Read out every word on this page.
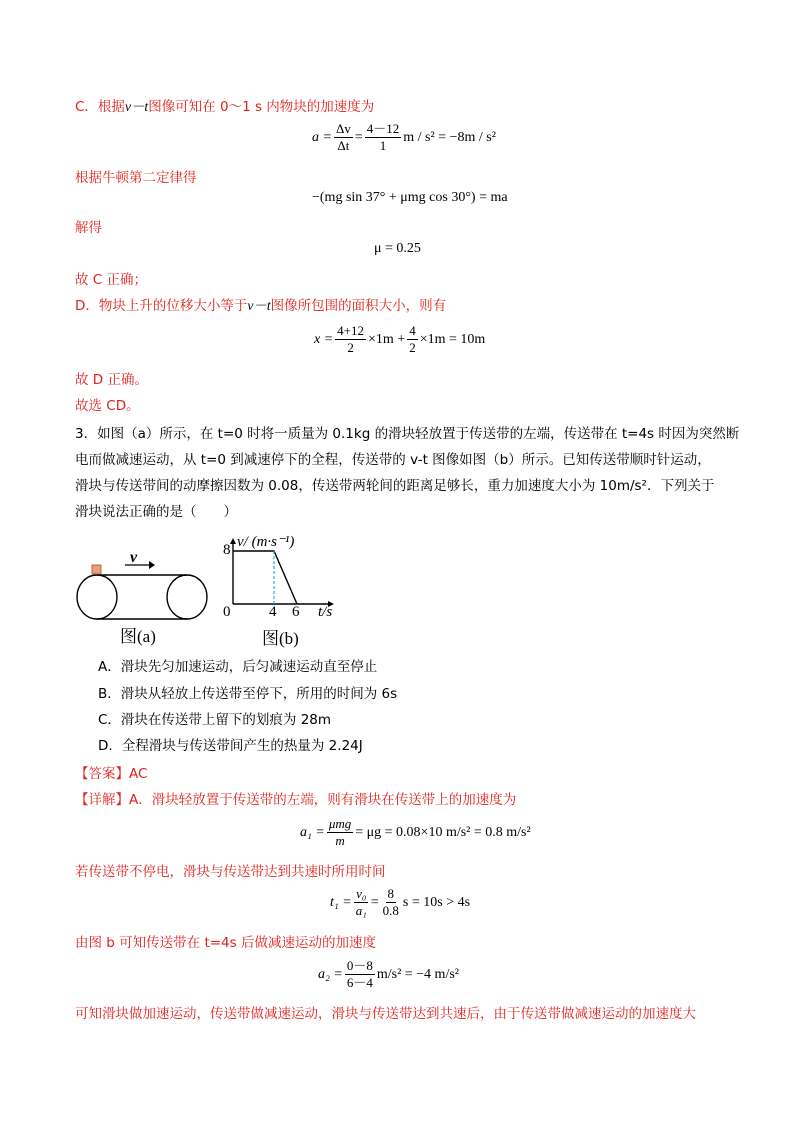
C．根据v－t图像可知在 0～1 s 内物块的加速度为
$a = \frac{\Delta v}{\Delta t} = \frac{4-12}{1}$ m / s² = −8m / s²
根据牛顿第二定律得
−(mg sin 37° + μmg cos 30°) = ma
解得
μ = 0.25
故 C 正确；
D．物块上升的位移大小等于v－t图像所包围的面积大小，则有
$x = \frac{4+12}{2} \times 1m + \frac{4}{2} \times 1m = 10m$
故 D 正确。
故选 CD。
3．如图（a）所示，在 t=0 时将一质量为 0.1kg 的滑块轻放置于传送带的左端，传送带在 t=4s 时因为突然断
电而做减速运动，从 t=0 到减速停下的全程，传送带的 v-t 图像如图（b）所示。已知传送带顺时针运动，
滑块与传送带间的动摩擦因数为 0.08，传送带两轮间的距离足够长，重力加速度大小为 10m/s²．下列关于
滑块说法正确的是（　　）
v
图(a)
v/ (m·s⁻¹)
8
0	4 6 t/s
图(b)
A．滑块先匀加速运动，后匀减速运动直至停止
B．滑块从轻放上传送带至停下，所用的时间为 6s
C．滑块在传送带上留下的划痕为 28m
D．全程滑块与传送带间产生的热量为 2.24J
【答案】AC
【详解】A．滑块轻放置于传送带的左端，则有滑块在传送带上的加速度为
$a_1 = \frac{\text{μmg}}{m} = \mu g = 0.08\times 10$ m/s² = 0.8 m/s²
若传送带不停电，滑块与传送带达到共速时所用时间
$t_1 = \frac{\text{v₀}}{\text{a₁}} = \frac{8}{0.8}$ s = 10s > 4s
由图 b 可知传送带在 t=4s 后做减速运动的加速度
$a_2 = \frac{0-8}{6-4} m/s^2 = -4$ m/s²
可知滑块做加速运动，传送带做减速运动，滑块与传送带达到共速后，由于传送带做减速运动的加速度大
